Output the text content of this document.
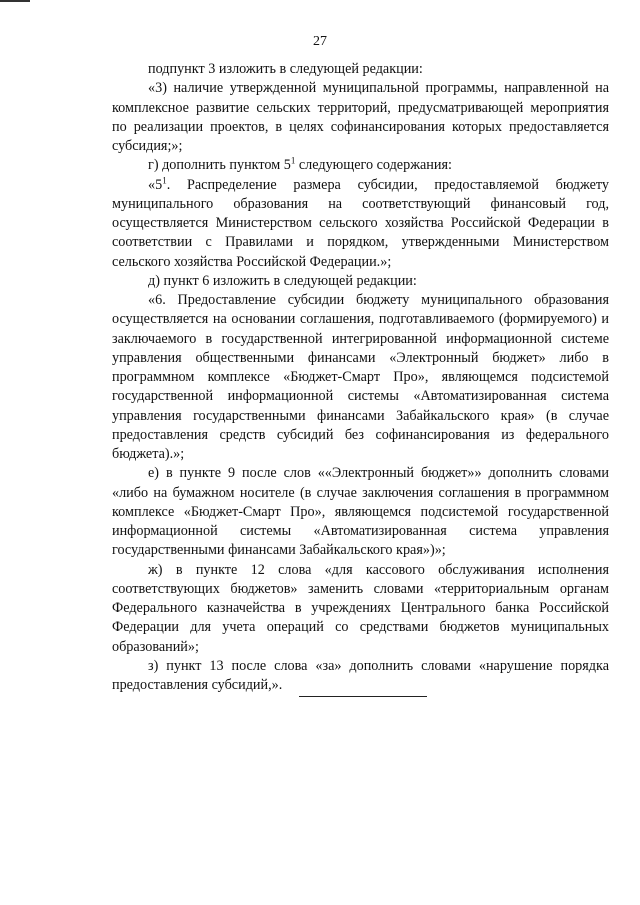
27

подпункт 3 изложить в следующей редакции:

«3) наличие утвержденной муниципальной программы, направленной на комплексное развитие сельских территорий, предусматривающей мероприятия по реализации проектов, в целях софинансирования которых предоставляется субсидия;»;

г) дополнить пунктом $5^1$ следующего содержания:

«$5^1$. Распределение размера субсидии, предоставляемой бюджету муниципального образования на соответствующий финансовый год, осуществляется Министерством сельского хозяйства Российской Федерации в соответствии с Правилами и порядком, утвержденными Министерством сельского хозяйства Российской Федерации.»;

д) пункт 6 изложить в следующей редакции:

«6. Предоставление субсидии бюджету муниципального образования осуществляется на основании соглашения, подготавливаемого (формируемого) и заключаемого в государственной интегрированной информационной системе управления общественными финансами «Электронный бюджет» либо в программном комплексе «Бюджет-Смарт Про», являющемся подсистемой государственной информационной системы «Автоматизированная система управления государственными финансами Забайкальского края» (в случае предоставления средств субсидий без софинансирования из федерального бюджета).»;

е) в пункте 9 после слов ««Электронный бюджет»» дополнить словами «либо на бумажном носителе (в случае заключения соглашения в программном комплексе «Бюджет-Смарт Про», являющемся подсистемой государственной информационной системы «Автоматизированная система управления государственными финансами Забайкальского края»)»;

ж) в пункте 12 слова «для кассового обслуживания исполнения соответствующих бюджетов» заменить словами «территориальным органам Федерального казначейства в учреждениях Центрального банка Российской Федерации для учета операций со средствами бюджетов муниципальных образований»;

з) пункт 13 после слова «за» дополнить словами «нарушение порядка предоставления субсидий,».
